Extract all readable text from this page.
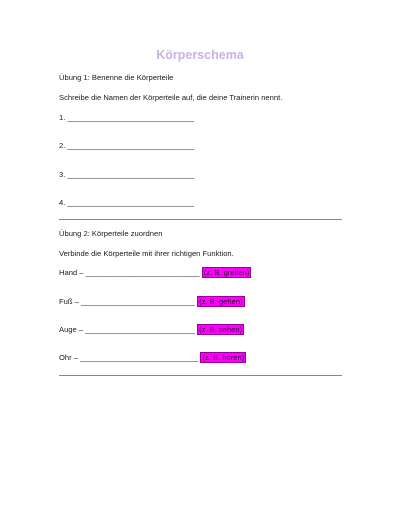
Körperschema
Übung 1: Benenne die Körperteile
Schreibe die Namen der Körperteile auf, die deine Trainerin nennt.
1. ______________________________
2. ______________________________
3. ______________________________
4. ______________________________
Übung 2: Körperteile zuordnen
Verbinde die Körperteile mit ihrer richtigen Funktion.
Hand – ___________________________ (z. B. greifen)
Fuß – ___________________________ (z. B. gehen)
Auge – __________________________ (z. B. sehen)
Ohr – ____________________________ (z. B. hören)
